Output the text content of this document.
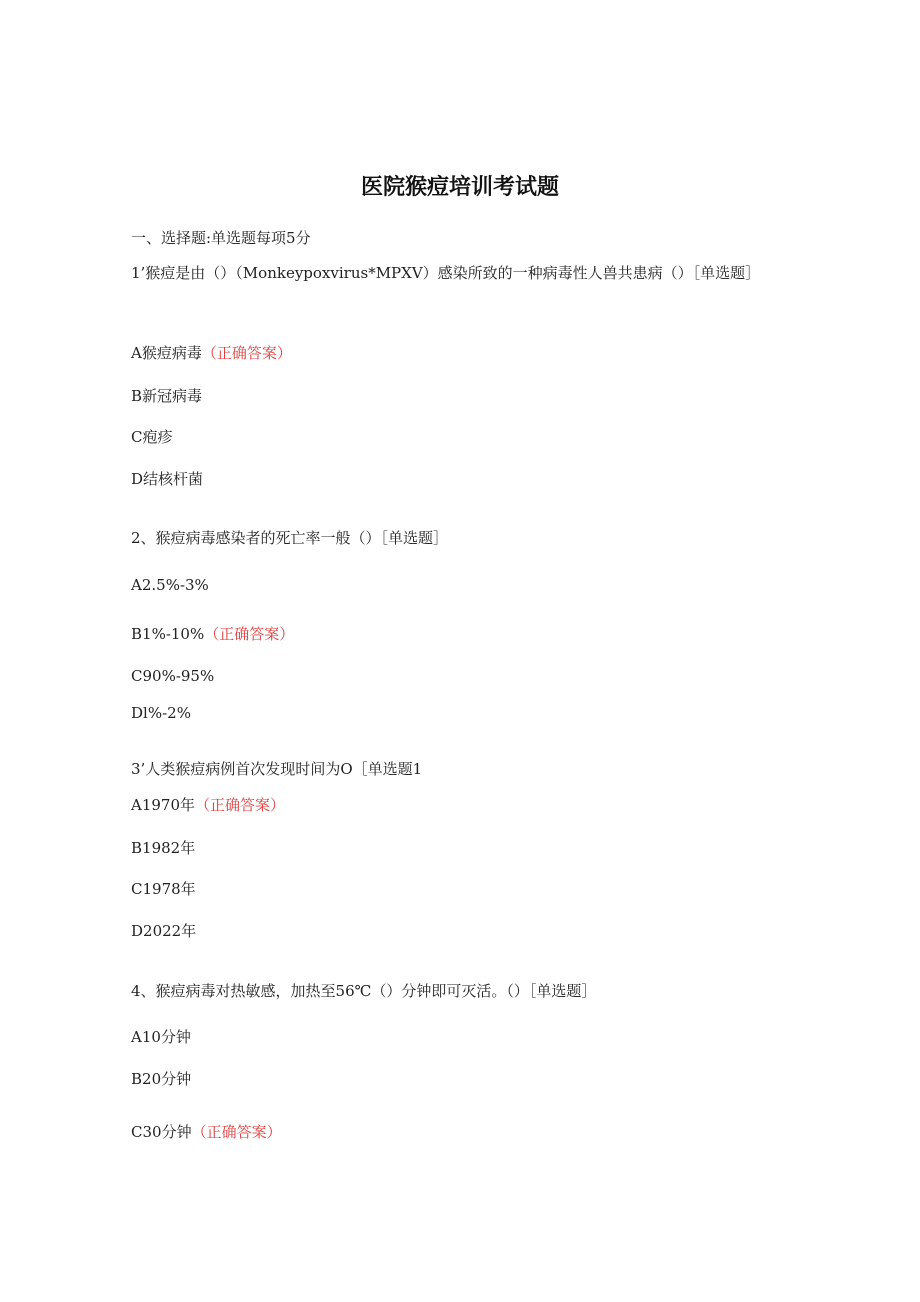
医院猴痘培训考试题
一、选择题:单选题每项5分
1’猴痘是由（）（Monkeypoxvirus*MPXV）感染所致的一种病毒性人兽共患病（）［单选题］
A猴痘病毒（正确答案）
B新冠病毒
C疱疹
D结核杆菌
2、猴痘病毒感染者的死亡率一般（）［单选题］
A2.5%-3%
B1%-10%（正确答案）
C90%-95%
Dl%-2%
3’人类猴痘病例首次发现时间为O［单选题1
A1970年（正确答案）
B1982年
C1978年
D2022年
4、猴痘病毒对热敏感，加热至56℃（）分钟即可灭活。（）［单选题］
A10分钟
B20分钟
C30分钟（正确答案）
